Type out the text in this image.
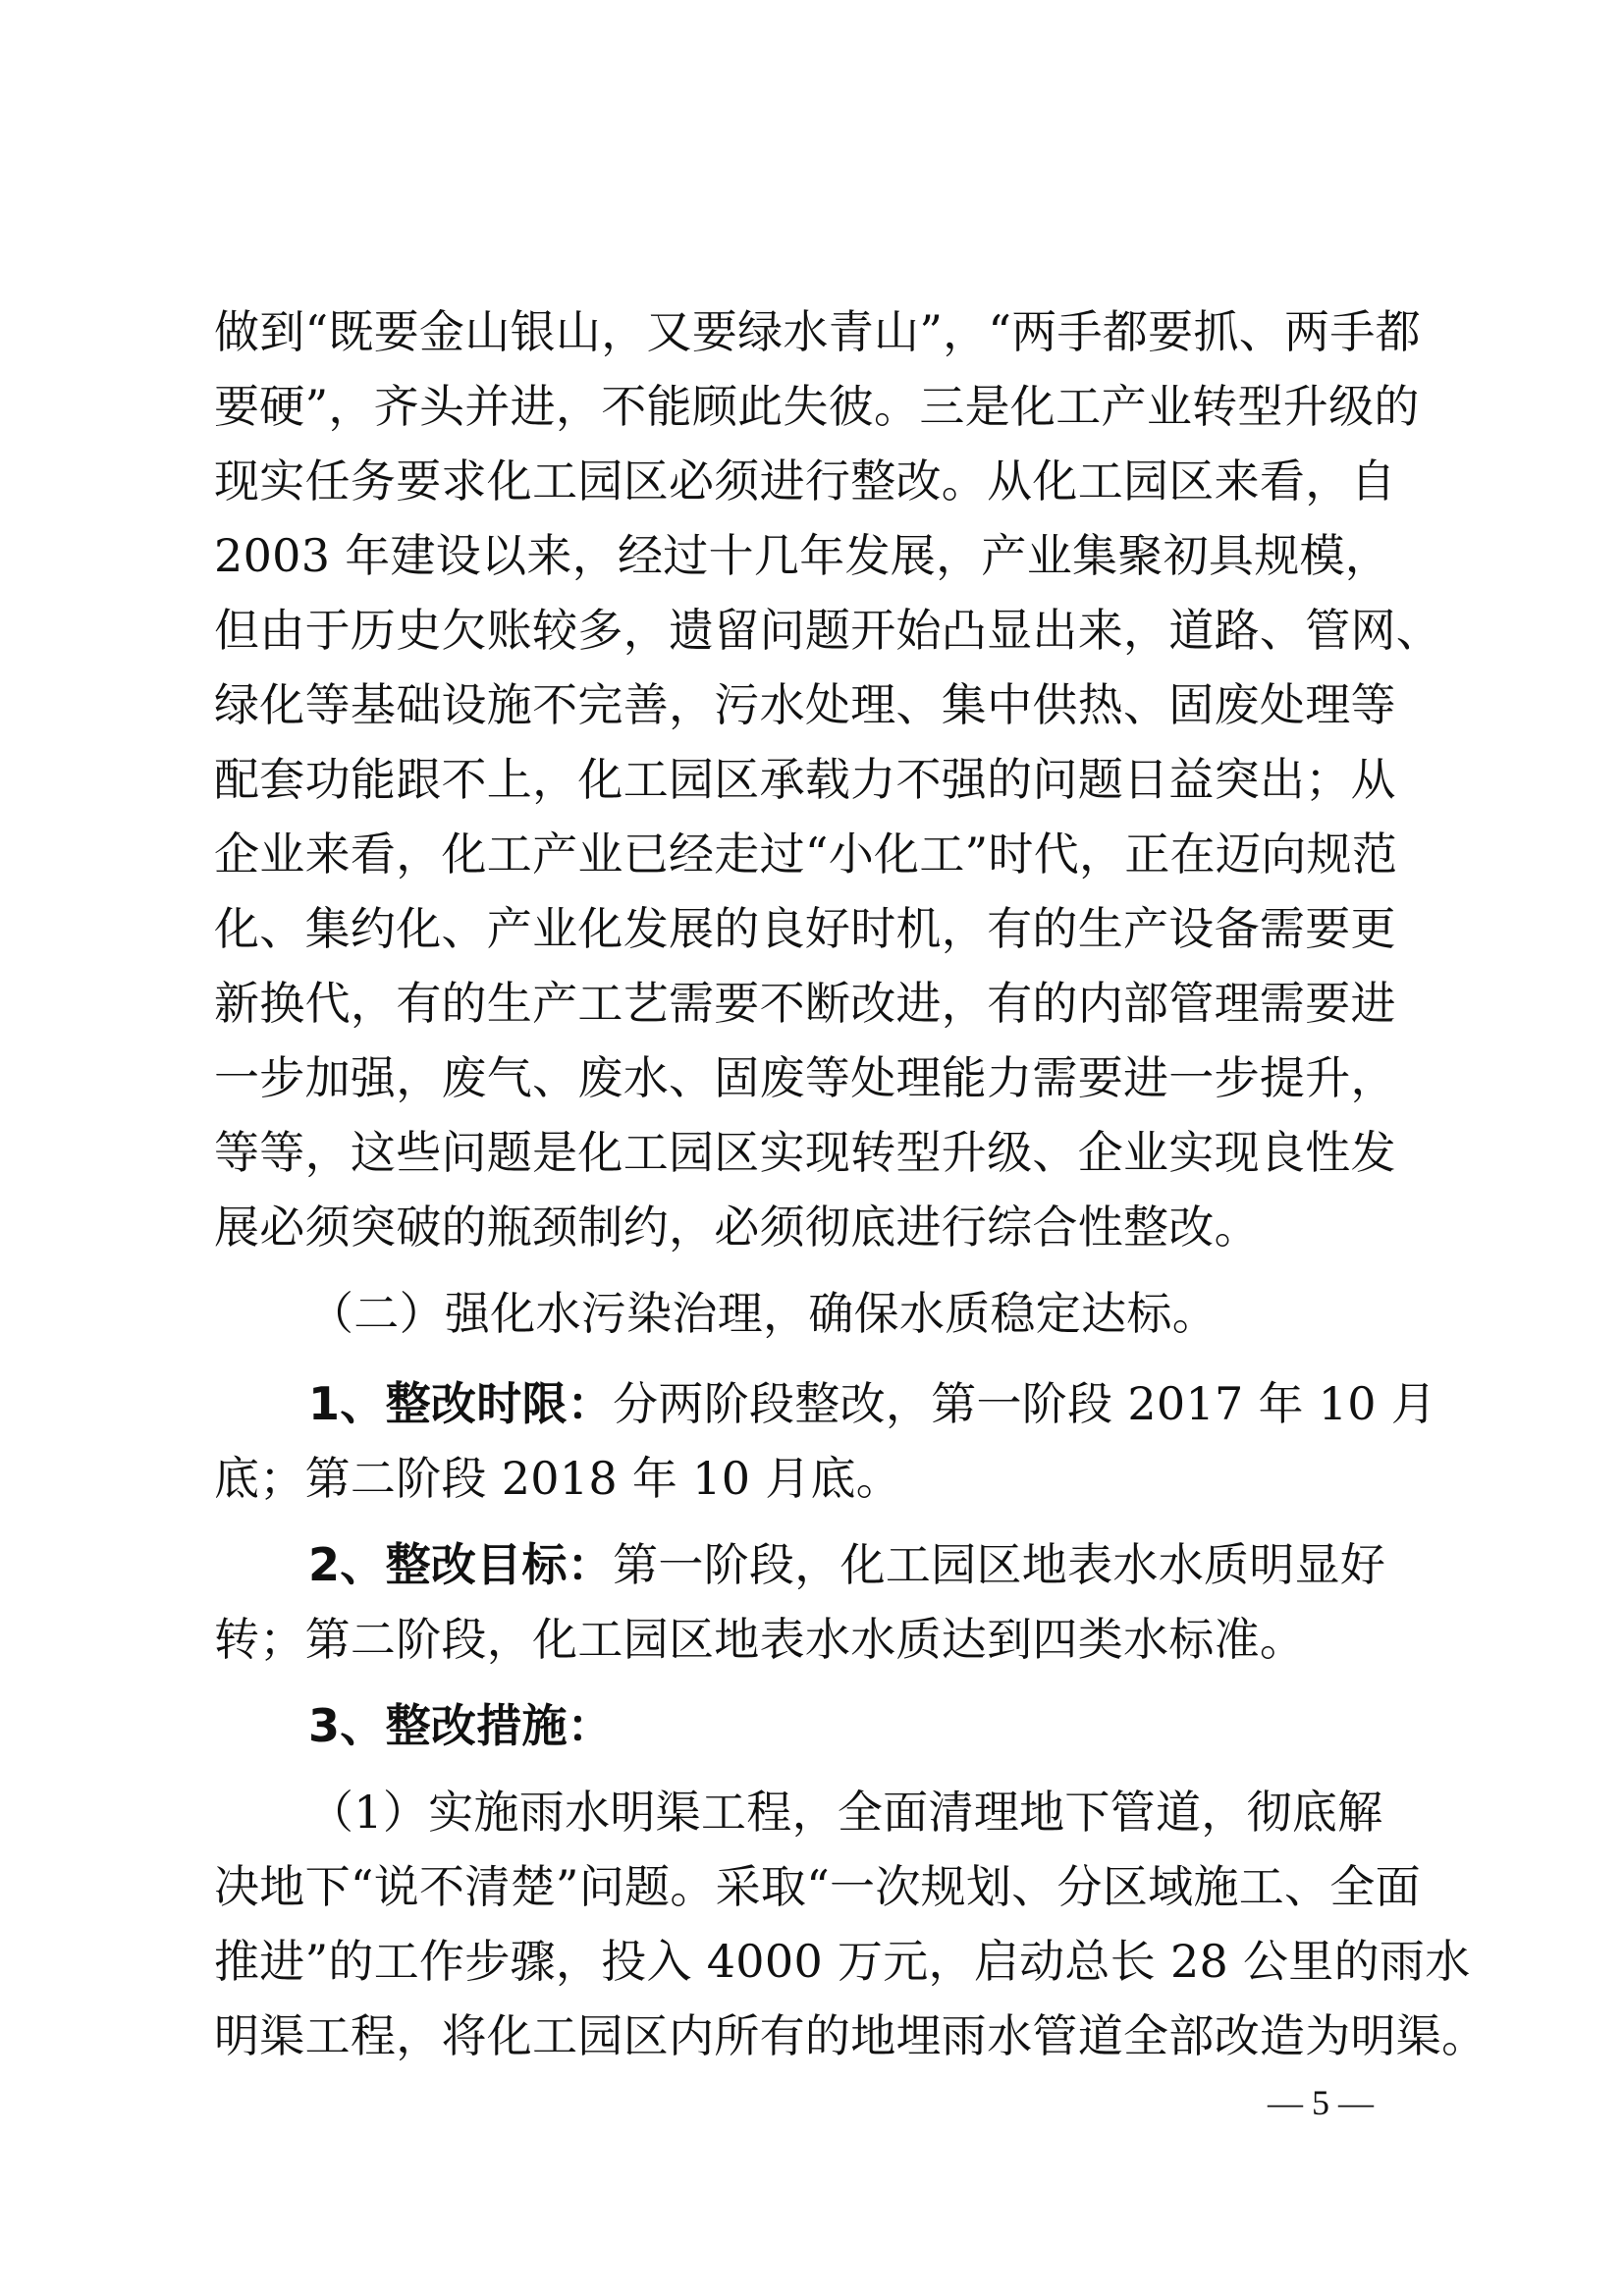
做到“既要金山银山，又要绿水青山”，“两手都要抓、两手都
要硬”，齐头并进，不能顾此失彼。三是化工产业转型升级的
现实任务要求化工园区必须进行整改。从化工园区来看，自
2003 年建设以来，经过十几年发展，产业集聚初具规模，
但由于历史欠账较多，遗留问题开始凸显出来，道路、管网、
绿化等基础设施不完善，污水处理、集中供热、固废处理等
配套功能跟不上，化工园区承载力不强的问题日益突出；从
企业来看，化工产业已经走过“小化工”时代，正在迈向规范
化、集约化、产业化发展的良好时机，有的生产设备需要更
新换代，有的生产工艺需要不断改进，有的内部管理需要进
一步加强，废气、废水、固废等处理能力需要进一步提升，
等等，这些问题是化工园区实现转型升级、企业实现良性发
展必须突破的瓶颈制约，必须彻底进行综合性整改。
（二）强化水污染治理，确保水质稳定达标。
1、整改时限：分两阶段整改，第一阶段 2017 年 10 月
底；第二阶段 2018 年 10 月底。
2、整改目标：第一阶段，化工园区地表水水质明显好
转；第二阶段，化工园区地表水水质达到四类水标准。
3、整改措施：
（1）实施雨水明渠工程，全面清理地下管道，彻底解
决地下“说不清楚”问题。采取“一次规划、分区域施工、全面
推进”的工作步骤，投入 4000 万元，启动总长 28 公里的雨水
明渠工程，将化工园区内所有的地埋雨水管道全部改造为明渠。
— 5 —
